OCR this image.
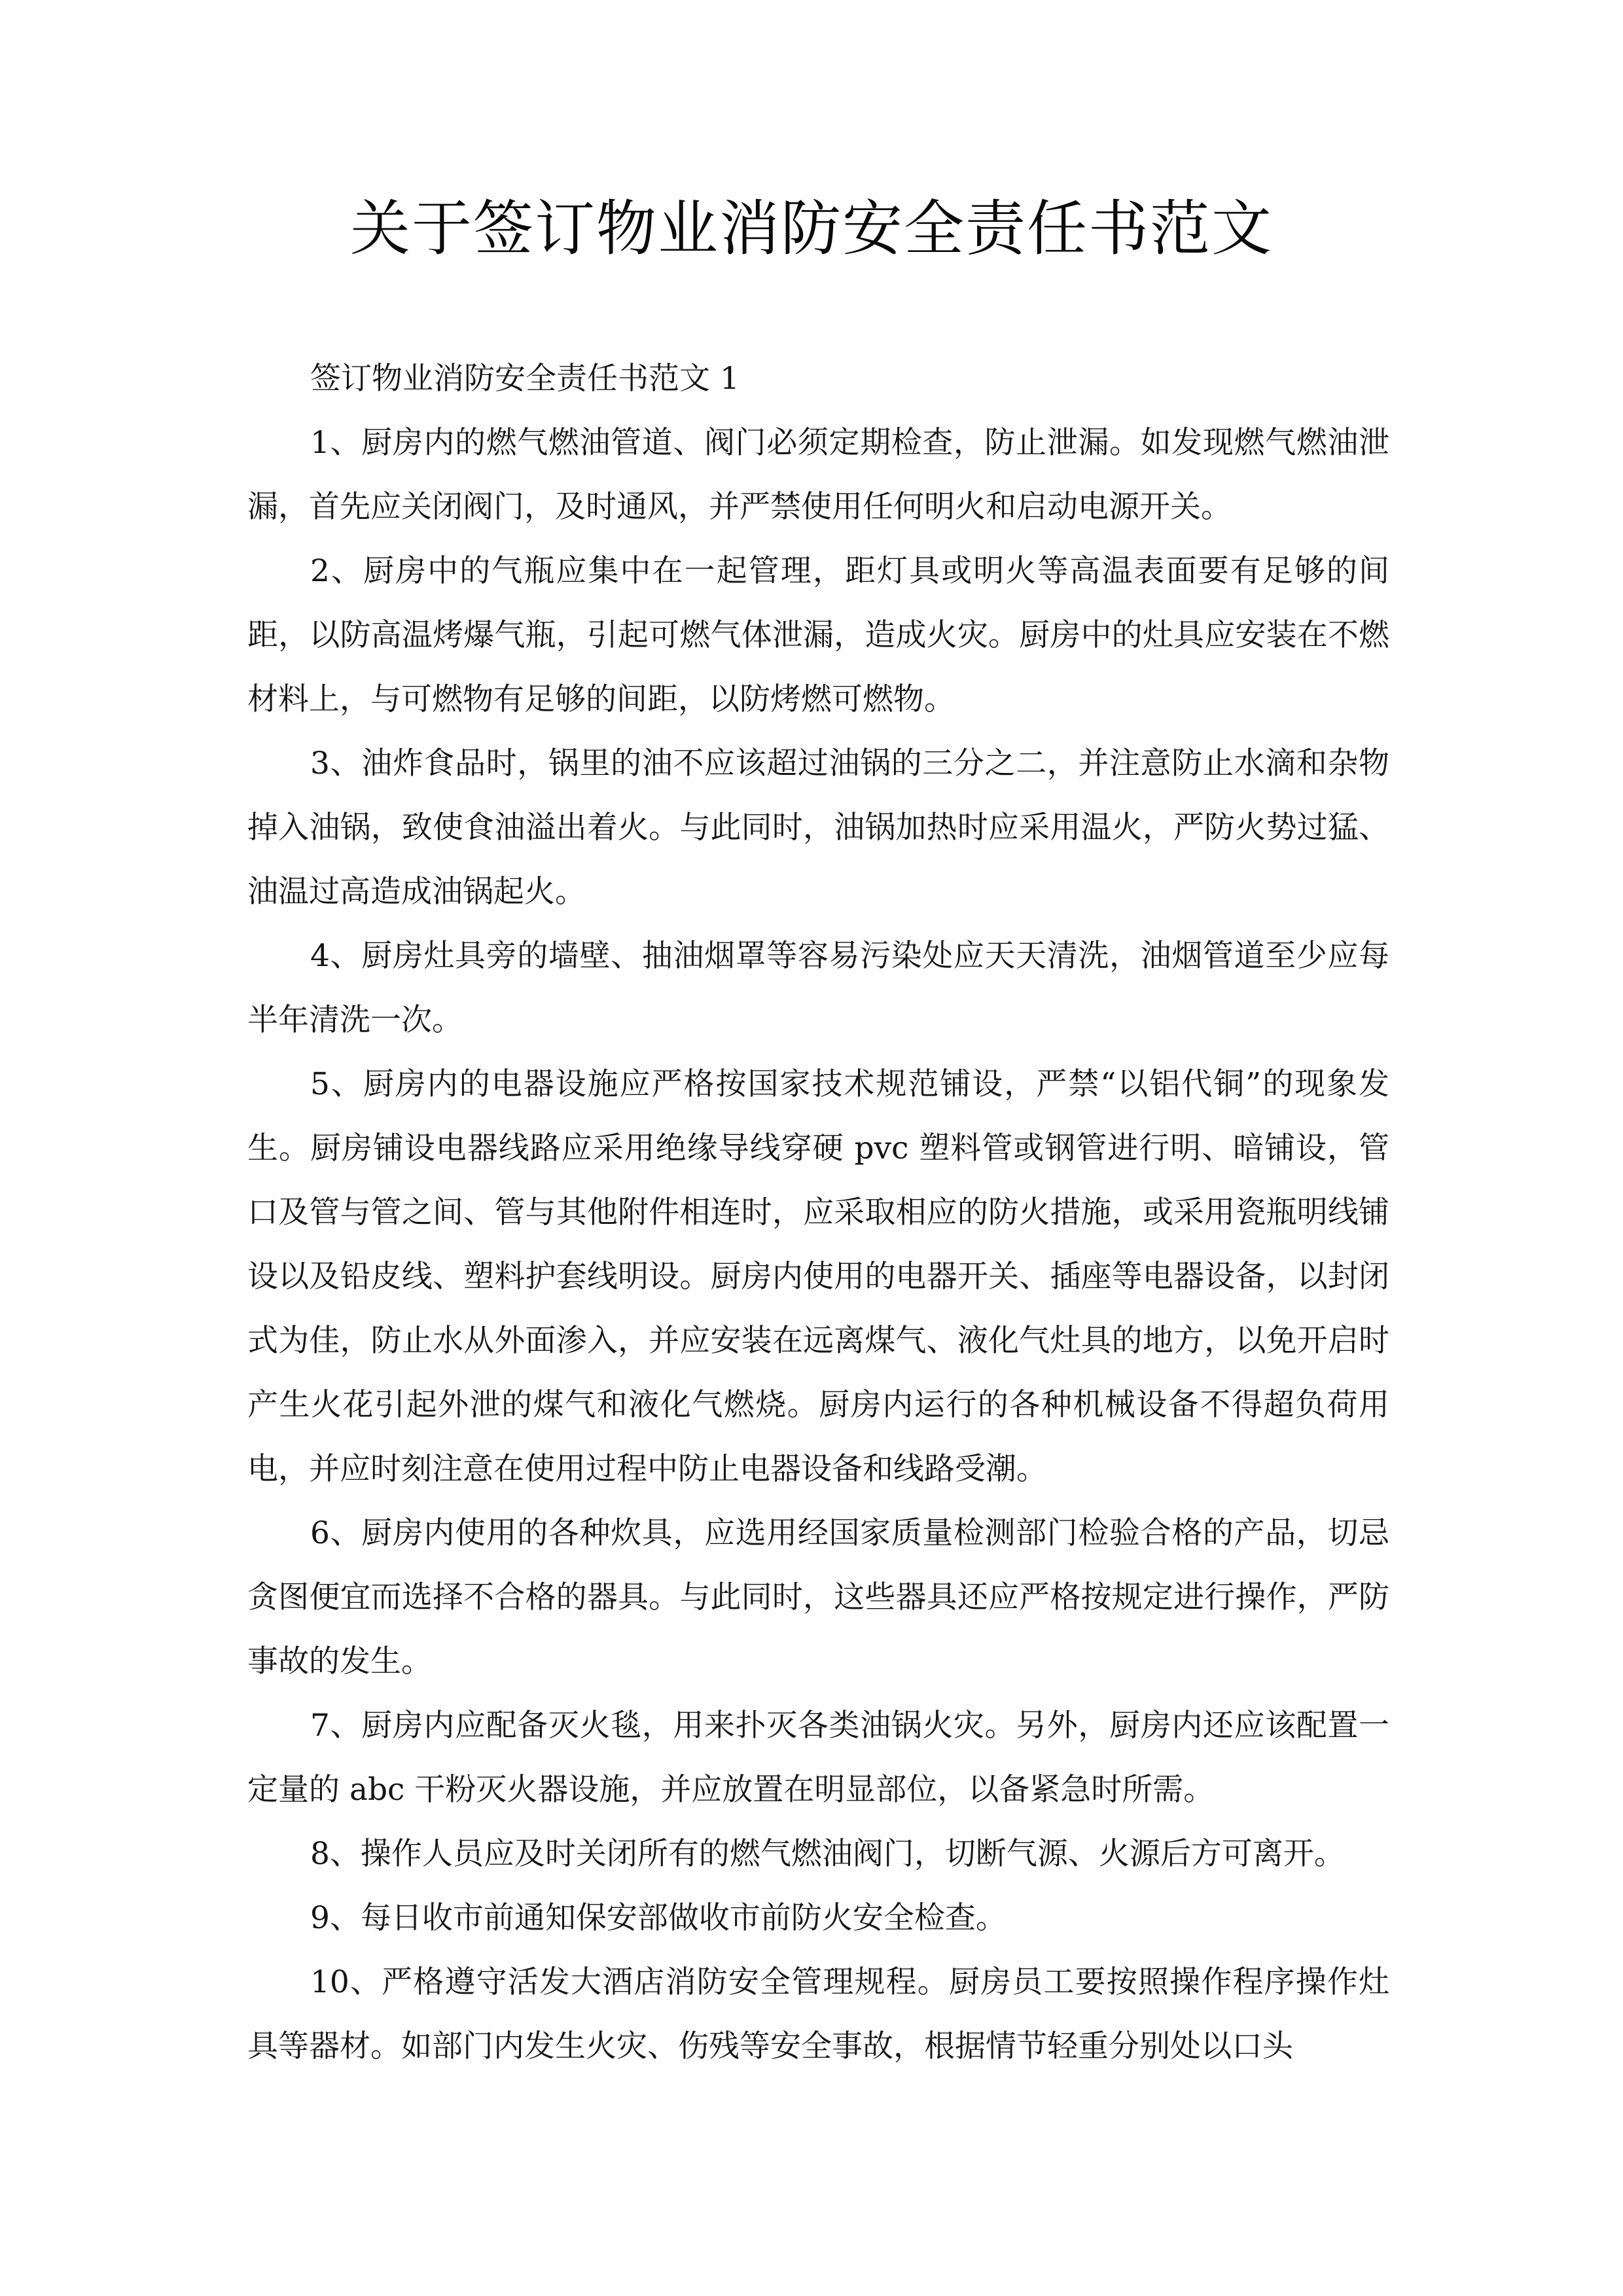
关于签订物业消防安全责任书范文

签订物业消防安全责任书范文 1

1、厨房内的燃气燃油管道、阀门必须定期检查，防止泄漏。如发现燃气燃油泄漏，首先应关闭阀门，及时通风，并严禁使用任何明火和启动电源开关。

2、厨房中的气瓶应集中在一起管理，距灯具或明火等高温表面要有足够的间距，以防高温烤爆气瓶，引起可燃气体泄漏，造成火灾。厨房中的灶具应安装在不燃材料上，与可燃物有足够的间距，以防烤燃可燃物。

3、油炸食品时，锅里的油不应该超过油锅的三分之二，并注意防止水滴和杂物掉入油锅，致使食油溢出着火。与此同时，油锅加热时应采用温火，严防火势过猛、油温过高造成油锅起火。

4、厨房灶具旁的墙壁、抽油烟罩等容易污染处应天天清洗，油烟管道至少应每半年清洗一次。

5、厨房内的电器设施应严格按国家技术规范铺设，严禁“以铝代铜”的现象发生。厨房铺设电器线路应采用绝缘导线穿硬 pvc 塑料管或钢管进行明、暗铺设，管口及管与管之间、管与其他附件相连时，应采取相应的防火措施，或采用瓷瓶明线铺设以及铅皮线、塑料护套线明设。厨房内使用的电器开关、插座等电器设备，以封闭式为佳，防止水从外面渗入，并应安装在远离煤气、液化气灶具的地方，以免开启时产生火花引起外泄的煤气和液化气燃烧。厨房内运行的各种机械设备不得超负荷用电，并应时刻注意在使用过程中防止电器设备和线路受潮。

6、厨房内使用的各种炊具，应选用经国家质量检测部门检验合格的产品，切忌贪图便宜而选择不合格的器具。与此同时，这些器具还应严格按规定进行操作，严防事故的发生。

7、厨房内应配备灭火毯，用来扑灭各类油锅火灾。另外，厨房内还应该配置一定量的 abc 干粉灭火器设施，并应放置在明显部位，以备紧急时所需。

8、操作人员应及时关闭所有的燃气燃油阀门，切断气源、火源后方可离开。

9、每日收市前通知保安部做收市前防火安全检查。

10、严格遵守活发大酒店消防安全管理规程。厨房员工要按照操作程序操作灶具等器材。如部门内发生火灾、伤残等安全事故，根据情节轻重分别处以口头
